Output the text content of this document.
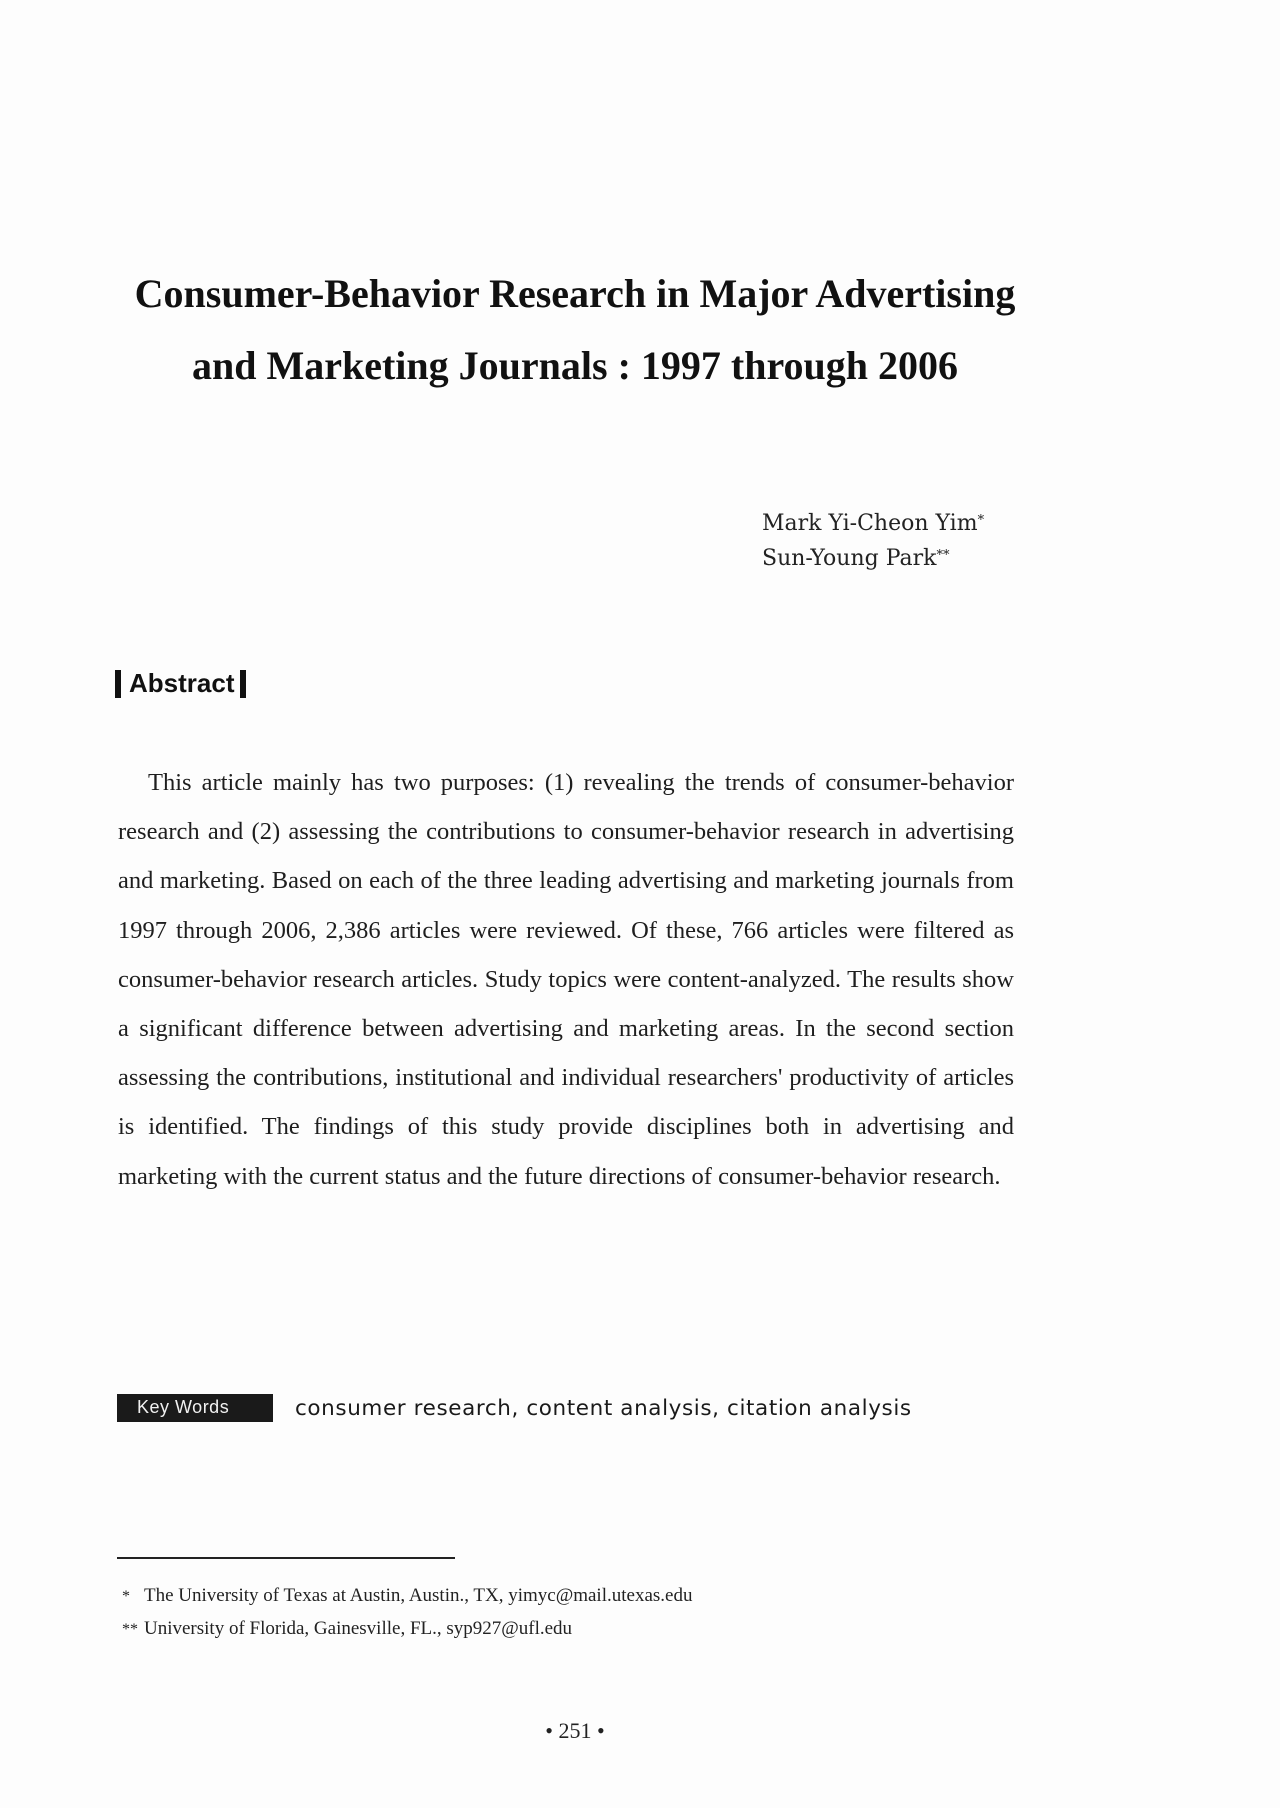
Consumer-Behavior Research in Major Advertising
and Marketing Journals : 1997 through 2006
Mark Yi-Cheon Yim*
Sun-Young Park**
Abstract
This article mainly has two purposes: (1) revealing the trends of consumer-behavior research and (2) assessing the contributions to consumer-behavior research in advertising and marketing. Based on each of the three leading advertising and marketing journals from 1997 through 2006, 2,386 articles were reviewed. Of these, 766 articles were filtered as consumer-behavior research articles. Study topics were content-analyzed. The results show a significant difference between advertising and marketing areas. In the second section assessing the contributions, institutional and individual researchers' productivity of articles is identified. The findings of this study provide disciplines both in advertising and marketing with the current status and the future directions of consumer-behavior research.
Key Words	consumer research, content analysis, citation analysis
* The University of Texas at Austin, Austin., TX, yimyc@mail.utexas.edu
** University of Florida, Gainesville, FL., syp927@ufl.edu
• 251 •
